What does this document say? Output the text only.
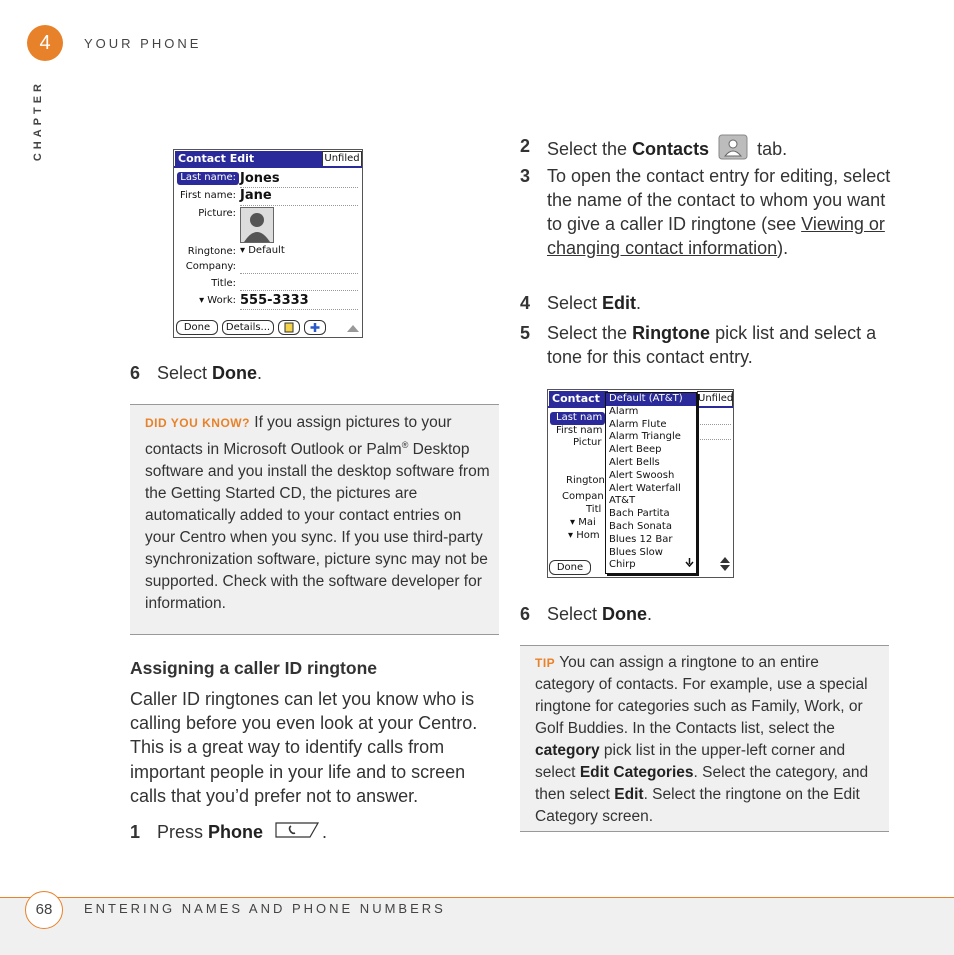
4	YOUR PHONE
CHAPTER	Contact Edit	Unfiled
Last name: Jones
First name: Jane
Picture:
Ringtone: ▾ Default
Company:
Title:
▾ Work: 555-3333
Done	Details...
6 Select Done.
DID YOU KNOW? If you assign pictures to your contacts in Microsoft Outlook or Palm® Desktop software and you install the desktop software from the Getting Started CD, the pictures are automatically added to your contact entries on your Centro when you sync. If you use third-party synchronization software, picture sync may not be supported. Check with the software developer for information.
Assigning a caller ID ringtone
Caller ID ringtones can let you know who is calling before you even look at your Centro. This is a great way to identify calls from important people in your life and to screen calls that you’d prefer not to answer.
1 Press Phone	.
2 Select the Contacts	tab.
3 To open the contact entry for editing, select the name of the contact to whom you want to give a caller ID ringtone (see Viewing or changing contact information).
4 Select Edit.
5 Select the Ringtone pick list and select a tone for this contact entry.
Contact	Unfiled
Last nam
First nam
Pictur
Rington
Compan
Titl
▾ Mai
▾ Hom
Done
Default (AT&T)
Alarm
Alarm Flute
Alarm Triangle
Alert Beep
Alert Bells
Alert Swoosh
Alert Waterfall
AT&T
Bach Partita
Bach Sonata
Blues 12 Bar
Blues Slow
Chirp
6 Select Done.
TIP You can assign a ringtone to an entire category of contacts. For example, use a special ringtone for categories such as Family, Work, or Golf Buddies. In the Contacts list, select the category pick list in the upper-left corner and select Edit Categories. Select the category, and then select Edit. Select the ringtone on the Edit Category screen.
68	ENTERING NAMES AND PHONE NUMBERS
